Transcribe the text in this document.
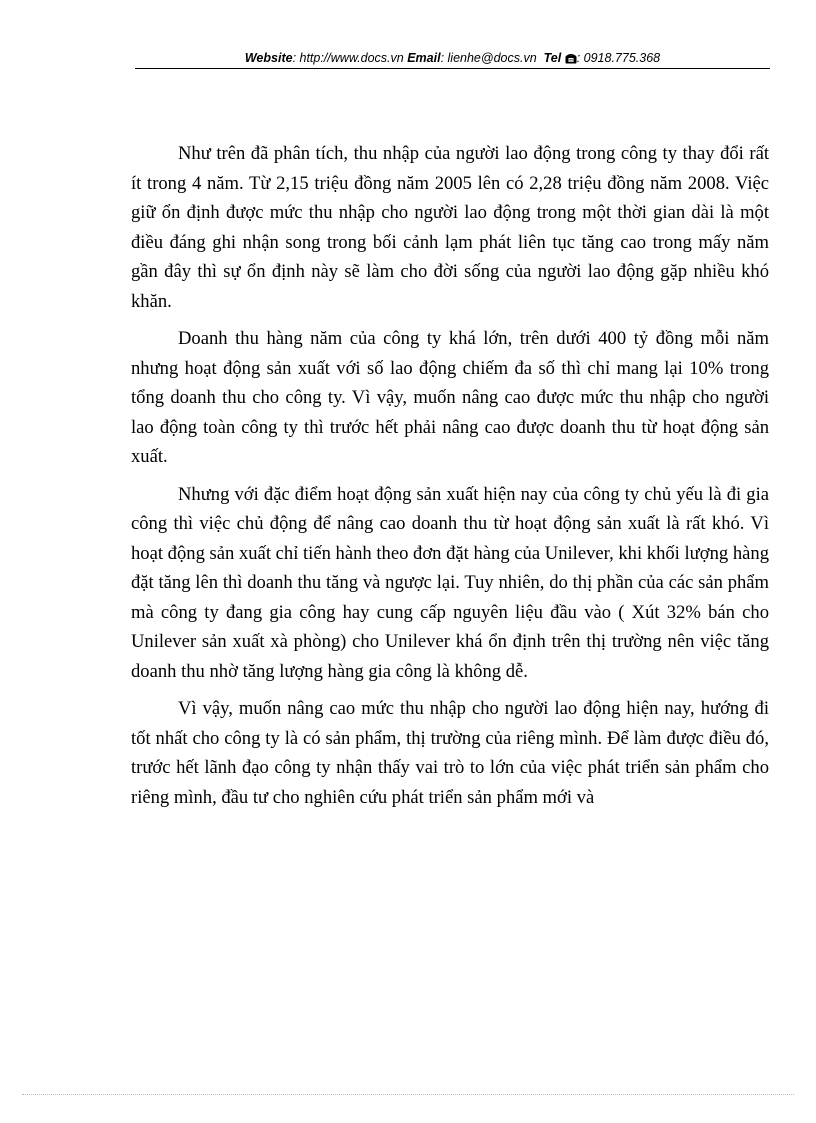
Website: http://www.docs.vn Email: lienhe@docs.vn Tel : 0918.775.368

Như trên đã phân tích, thu nhập của người lao động trong công ty thay đổi rất ít trong 4 năm. Từ 2,15 triệu đồng năm 2005 lên có 2,28 triệu đồng năm 2008. Việc giữ ổn định được mức thu nhập cho người lao động trong một thời gian dài là một điều đáng ghi nhận song trong bối cảnh lạm phát liên tục tăng cao trong mấy năm gần đây thì sự ổn định này sẽ làm cho đời sống của người lao động gặp nhiều khó khăn.

Doanh thu hàng năm của công ty khá lớn, trên dưới 400 tỷ đồng mỗi năm nhưng hoạt động sản xuất với số lao động chiếm đa số thì chỉ mang lại 10% trong tổng doanh thu cho công ty. Vì vậy, muốn nâng cao được mức thu nhập cho người lao động toàn công ty thì trước hết phải nâng cao được doanh thu từ hoạt động sản xuất.

Nhưng với đặc điểm hoạt động sản xuất hiện nay của công ty chủ yếu là đi gia công thì việc chủ động để nâng cao doanh thu từ hoạt động sản xuất là rất khó. Vì hoạt động sản xuất chỉ tiến hành theo đơn đặt hàng của Unilever, khi khối lượng hàng đặt tăng lên thì doanh thu tăng và ngược lại. Tuy nhiên, do thị phần của các sản phẩm mà công ty đang gia công hay cung cấp nguyên liệu đầu vào ( Xút 32% bán cho Unilever sản xuất xà phòng) cho Unilever khá ổn định trên thị trường nên việc tăng doanh thu nhờ tăng lượng hàng gia công là không dễ.

Vì vậy, muốn nâng cao mức thu nhập cho người lao động hiện nay, hướng đi tốt nhất cho công ty là có sản phẩm, thị trường của riêng mình. Để làm được điều đó, trước hết lãnh đạo công ty nhận thấy vai trò to lớn của việc phát triển sản phẩm cho riêng mình, đầu tư cho nghiên cứu phát triển sản phẩm mới và
